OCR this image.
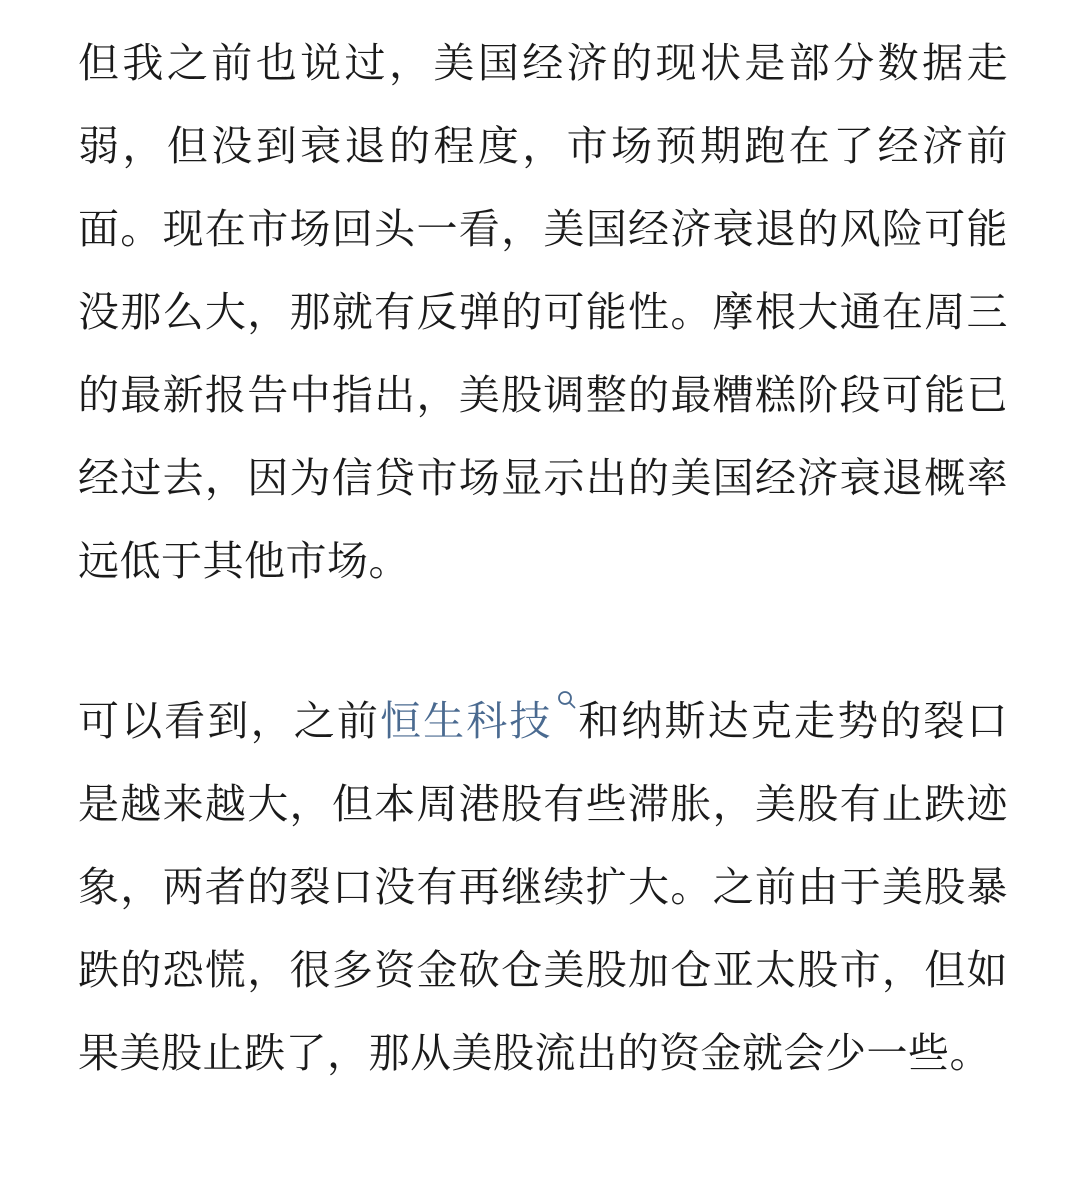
但我之前也说过，美国经济的现状是部分数据走弱，但没到衰退的程度，市场预期跑在了经济前面。现在市场回头一看，美国经济衰退的风险可能没那么大，那就有反弹的可能性。摩根大通在周三的最新报告中指出，美股调整的最糟糕阶段可能已经过去，因为信贷市场显示出的美国经济衰退概率远低于其他市场。

可以看到，之前恒生科技 和纳斯达克走势的裂口是越来越大，但本周港股有些滞胀，美股有止跌迹象，两者的裂口没有再继续扩大。之前由于美股暴跌的恐慌，很多资金砍仓美股加仓亚太股市，但如果美股止跌了，那从美股流出的资金就会少一些。
